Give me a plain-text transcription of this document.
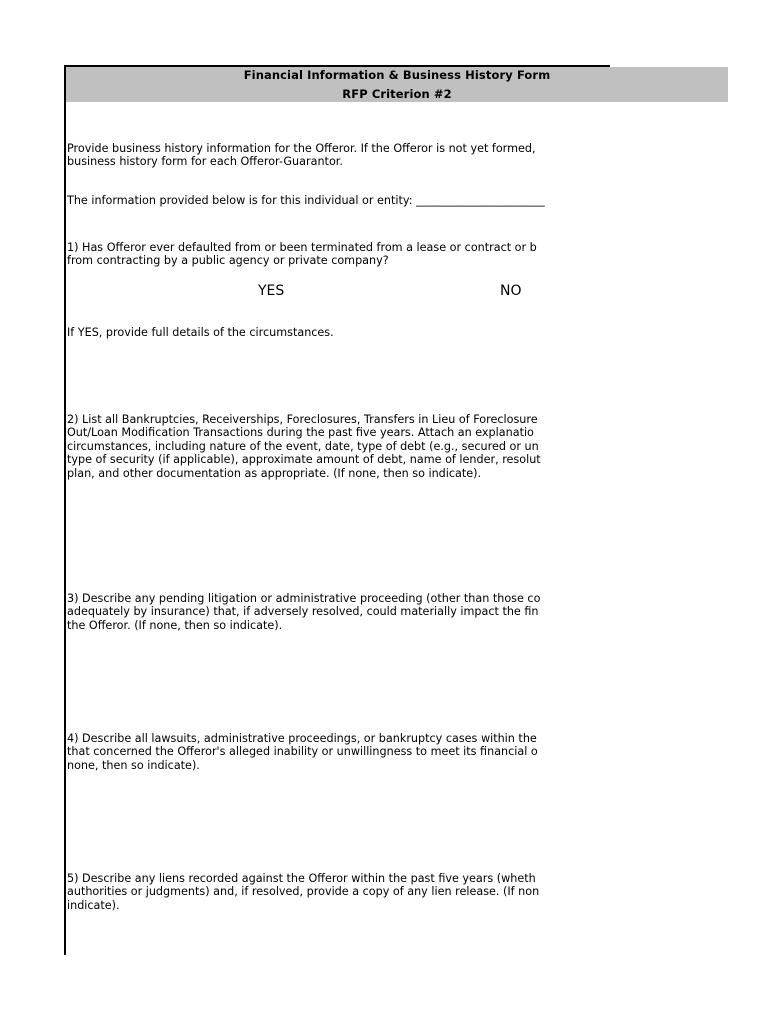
Financial Information & Business History Form
RFP Criterion #2
Provide business history information for the Offeror. If the Offeror is not yet formed,
business history form for each Offeror-Guarantor.
The information provided below is for this individual or entity: _______________________
1) Has Offeror ever defaulted from or been terminated from a lease or contract or b
from contracting by a public agency or private company?
YES	NO
If YES, provide full details of the circumstances.
2) List all Bankruptcies, Receiverships, Foreclosures, Transfers in Lieu of Foreclosure
Out/Loan Modification Transactions during the past five years. Attach an explanatio
circumstances, including nature of the event, date, type of debt (e.g., secured or un
type of security (if applicable), approximate amount of debt, name of lender, resolut
plan, and other documentation as appropriate. (If none, then so indicate).
3) Describe any pending litigation or administrative proceeding (other than those co
adequately by insurance) that, if adversely resolved, could materially impact the fin
the Offeror. (If none, then so indicate).
4) Describe all lawsuits, administrative proceedings, or bankruptcy cases within the
that concerned the Offeror's alleged inability or unwillingness to meet its financial o
none, then so indicate).
5) Describe any liens recorded against the Offeror within the past five years (wheth
authorities or judgments) and, if resolved, provide a copy of any lien release. (If non
indicate).
